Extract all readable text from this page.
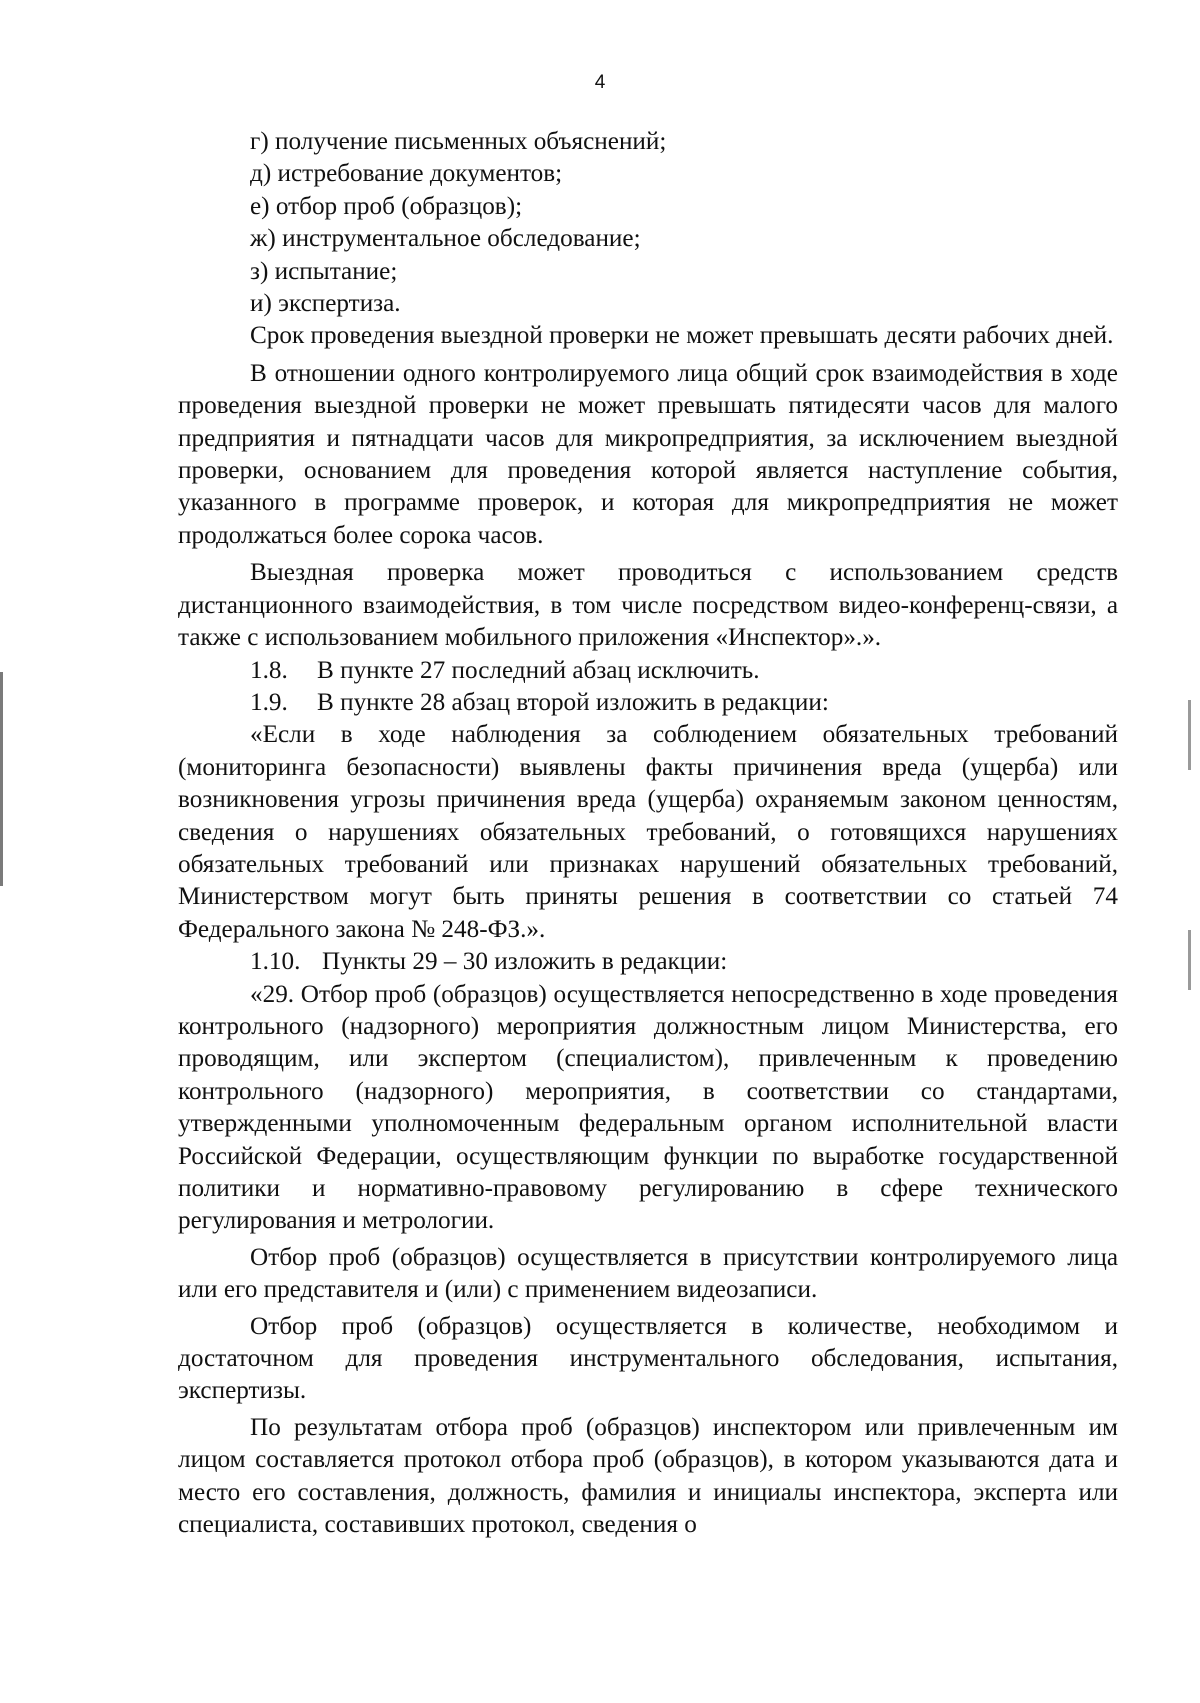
4
г) получение письменных объяснений;
д) истребование документов;
е) отбор проб (образцов);
ж) инструментальное обследование;
з) испытание;
и) экспертиза.
Срок проведения выездной проверки не может превышать десяти рабочих дней.
В отношении одного контролируемого лица общий срок взаимодействия в ходе проведения выездной проверки не может превышать пятидесяти часов для малого предприятия и пятнадцати часов для микропредприятия, за исключением выездной проверки, основанием для проведения которой является наступление события, указанного в программе проверок, и которая для микропредприятия не может продолжаться более сорока часов.
Выездная проверка может проводиться с использованием средств дистанционного взаимодействия, в том числе посредством видео-конференц-связи, а также с использованием мобильного приложения «Инспектор».».
1.8. В пункте 27 последний абзац исключить.
1.9. В пункте 28 абзац второй изложить в редакции:
«Если в ходе наблюдения за соблюдением обязательных требований (мониторинга безопасности) выявлены факты причинения вреда (ущерба) или возникновения угрозы причинения вреда (ущерба) охраняемым законом ценностям, сведения о нарушениях обязательных требований, о готовящихся нарушениях обязательных требований или признаках нарушений обязательных требований, Министерством могут быть приняты решения в соответствии со статьей 74 Федерального закона № 248-ФЗ.».
1.10. Пункты 29 – 30 изложить в редакции:
«29. Отбор проб (образцов) осуществляется непосредственно в ходе проведения контрольного (надзорного) мероприятия должностным лицом Министерства, его проводящим, или экспертом (специалистом), привлеченным к проведению контрольного (надзорного) мероприятия, в соответствии со стандартами, утвержденными уполномоченным федеральным органом исполнительной власти Российской Федерации, осуществляющим функции по выработке государственной политики и нормативно-правовому регулированию в сфере технического регулирования и метрологии.
Отбор проб (образцов) осуществляется в присутствии контролируемого лица или его представителя и (или) с применением видеозаписи.
Отбор проб (образцов) осуществляется в количестве, необходимом и достаточном для проведения инструментального обследования, испытания, экспертизы.
По результатам отбора проб (образцов) инспектором или привлеченным им лицом составляется протокол отбора проб (образцов), в котором указываются дата и место его составления, должность, фамилия и инициалы инспектора, эксперта или специалиста, составивших протокол, сведения о
